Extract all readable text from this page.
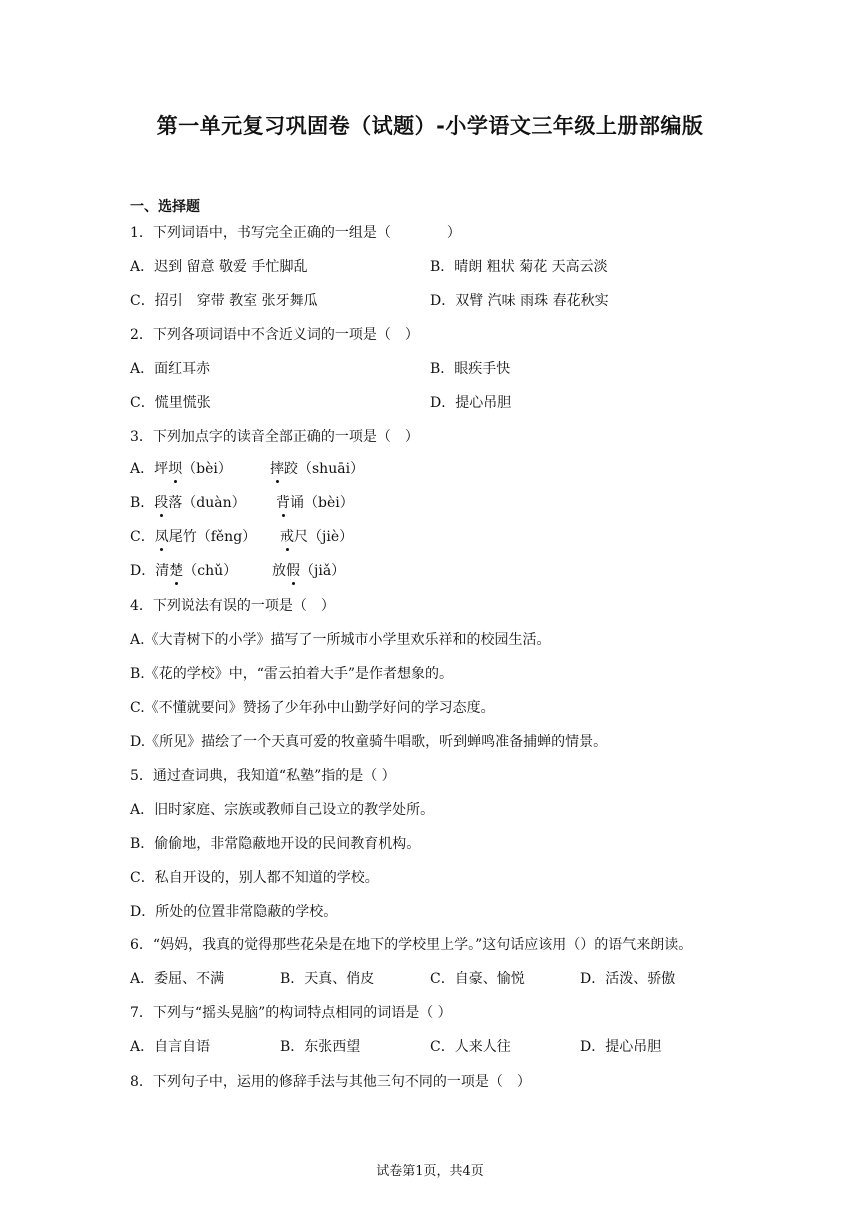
第一单元复习巩固卷（试题）-小学语文三年级上册部编版
一、选择题
1．下列词语中，书写完全正确的一组是（　　　　）
A．迟到 留意 敬爱 手忙脚乱	B．晴朗 粗状 菊花 天高云淡
C．招引　穿带 教室 张牙舞瓜	D．双臂 汽味 雨珠 春花秋实
2．下列各项词语中不含近义词的一项是（　）
A．面红耳赤	B．眼疾手快
C．慌里慌张	D．提心吊胆
3．下列加点字的读音全部正确的一项是（　）
A．坪坝（bèi）	摔跤（shuāi）
B．段落（duàn） 背诵（bèi）
C．凤尾竹（fěng） 戒尺（jiè）
D．清楚（chǔ） 放假（jiǎ）
4．下列说法有误的一项是（　）
A.《大青树下的小学》描写了一所城市小学里欢乐祥和的校园生活。
B.《花的学校》中，“雷云拍着大手”是作者想象的。
C.《不懂就要问》赞扬了少年孙中山勤学好问的学习态度。
D.《所见》描绘了一个天真可爱的牧童骑牛唱歌，听到蝉鸣准备捕蝉的情景。
5．通过查词典，我知道“私塾”指的是（ ）
A．旧时家庭、宗族或教师自己设立的教学处所。
B．偷偷地，非常隐蔽地开设的民间教育机构。
C．私自开设的，别人都不知道的学校。
D．所处的位置非常隐蔽的学校。
6．“妈妈，我真的觉得那些花朵是在地下的学校里上学。”这句话应该用（）的语气来朗读。
A．委屈、不满	B．天真、俏皮	C．自豪、愉悦	D．活泼、骄傲
7．下列与“摇头晃脑”的构词特点相同的词语是（ ）
A．自言自语	B．东张西望	C．人来人往	D．提心吊胆
8．下列句子中，运用的修辞手法与其他三句不同的一项是（　）
试卷第1页，共4页
